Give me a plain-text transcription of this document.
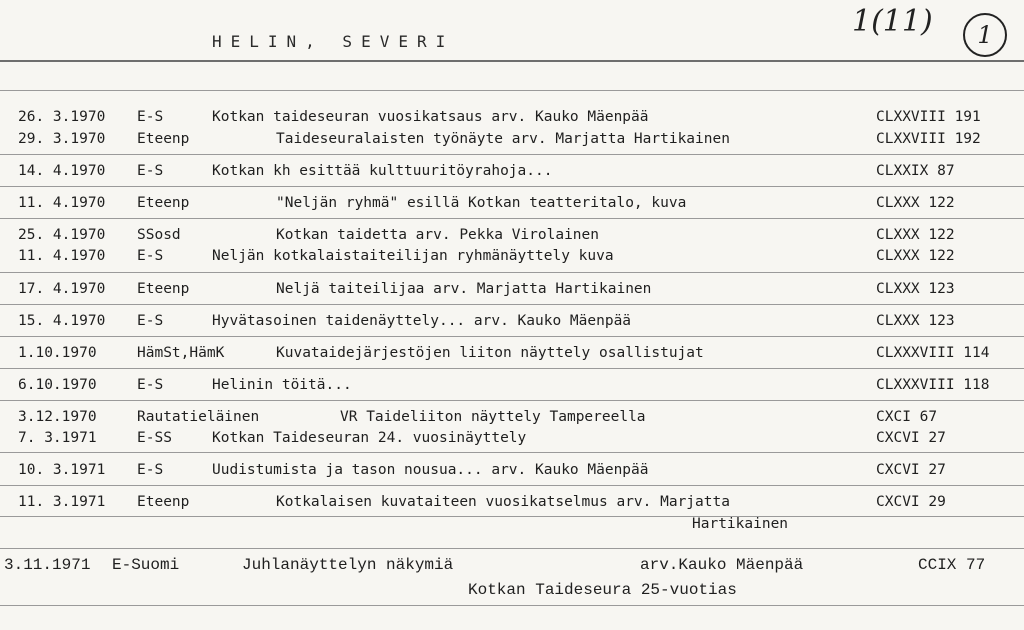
HELIN, SEVERI
1(11)	1
26. 3.1970 E-S	Kotkan taideseuran vuosikatsaus arv. Kauko Mäenpää	CLXXVIII 191
29. 3.1970 Eteenp	Taideseuralaisten työnäyte arv. Marjatta Hartikainen	CLXXVIII 192
14. 4.1970 E-S	Kotkan kh esittää kulttuuritöyrahoja...	CLXXIX 87
11. 4.1970 Eteenp	"Neljän ryhmä" esillä Kotkan teatteritalo, kuva	CLXXX 122
25. 4.1970 SSosd	Kotkan taidetta arv. Pekka Virolainen	CLXXX 122
11. 4.1970 E-S	Neljän kotkalaistaiteilijan ryhmänäyttely kuva	CLXXX 122
17. 4.1970 Eteenp	Neljä taiteilijaa arv. Marjatta Hartikainen	CLXXX 123
15. 4.1970 E-S	Hyvätasoinen taidenäyttely... arv. Kauko Mäenpää	CLXXX 123
1.10.1970	HämSt,HämK	Kuvataidejärjestöjen liiton näyttely osallistujat	CLXXXVIII 114
6.10.1970	E-S	Helinin töitä...	CLXXXVIII 118
3.12.1970	Rautatieläinen	VR Taideliiton näyttely Tampereella	CXCI 67
7. 3.1971	E-SS	Kotkan Taideseuran 24. vuosinäyttely	CXCVI 27
10. 3.1971 E-S	Uudistumista ja tason nousua... arv. Kauko Mäenpää	CXCVI 27
11. 3.1971 Eteenp	Kotkalaisen kuvataiteen vuosikatselmus arv. Marjatta	CXCVI 29
Hartikainen
3.11.1971 E-Suomi	Juhlanäyttelyn näkymiä	arv.Kauko Mäenpää	CCIX 77
Kotkan Taideseura 25-vuotias
